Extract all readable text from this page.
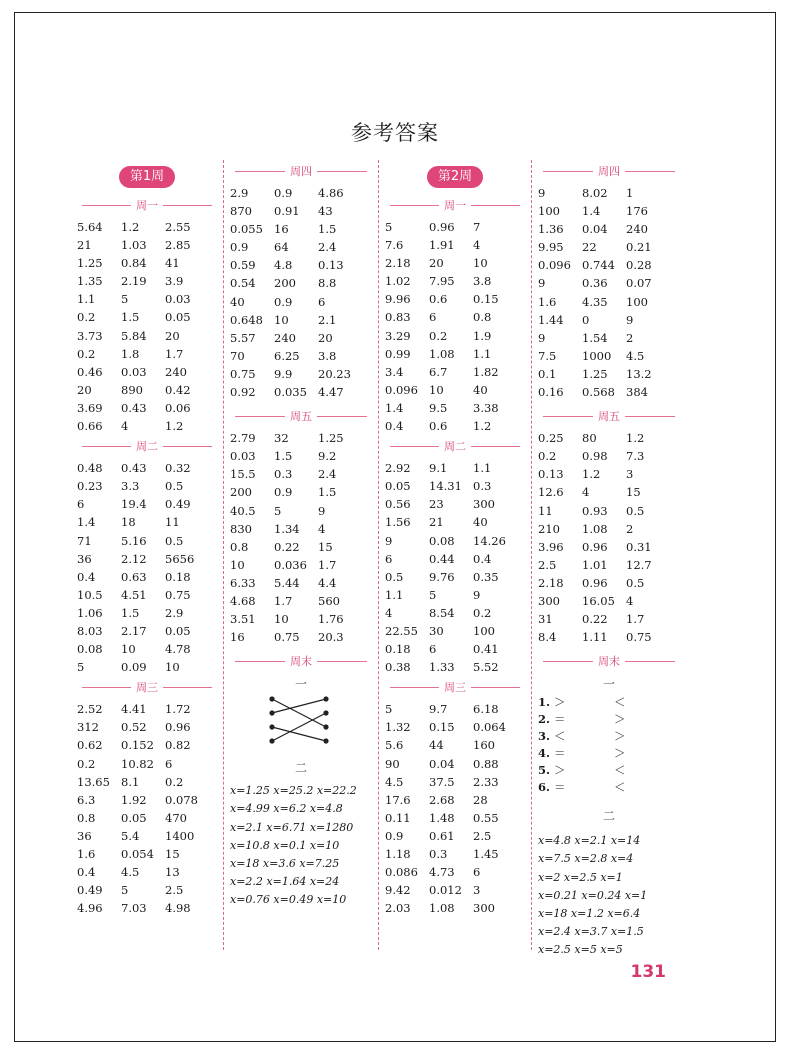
参考答案
第1周
周一
5.64	1.2	2.55
21	1.03	2.85
1.25	0.84	41
1.35	2.19	3.9
1.1	5	0.03
0.2	1.5	0.05
3.73	5.84	20
0.2	1.8	1.7
0.46	0.03	240
20	890	0.42
3.69	0.43	0.06
0.66	4	1.2
周二
0.48	0.43	0.32
0.23	3.3	0.5
6	19.4	0.49
1.4	18	11
71	5.16	0.5
36	2.12	5656
0.4	0.63	0.18
10.5	4.51	0.75
1.06	1.5	2.9
8.03	2.17	0.05
0.08	10	4.78
5	0.09	10
周三
2.52	4.41	1.72
312	0.52	0.96
0.62	0.152 0.82
0.2	10.82 6
13.65 8.1	0.2
6.3	1.92	0.078
0.8	0.05	470
36	5.4	1400
1.6	0.054 15
0.4	4.5	13
0.49	5	2.5
4.96	7.03	4.98
周四
2.9	0.9	4.86
870	0.91	43
0.055 16	1.5
0.9	64	2.4
0.59	4.8	0.13
0.54	200	8.8
40	0.9	6
0.648 10	2.1
5.57	240	20
70	6.25	3.8
0.75	9.9	20.23
0.92	0.035 4.47
周五
2.79	32	1.25
0.03	1.5	9.2
15.5	0.3	2.4
200	0.9	1.5
40.5	5	9
830	1.34	4
0.8	0.22	15
10	0.036 1.7
6.33	5.44	4.4
4.68	1.7	560
3.51	10	1.76
16	0.75	20.3
周末
一
二
x=1.25 x=25.2 x=22.2
x=4.99 x=6.2 x=4.8
x=2.1 x=6.71 x=1280
x=10.8 x=0.1 x=10
x=18 x=3.6 x=7.25
x=2.2 x=1.64 x=24
x=0.76 x=0.49 x=10
第2周
周一
5	0.96	7
7.6	1.91	4
2.18	20	10
1.02	7.95	3.8
9.96	0.6	0.15
0.83	6	0.8
3.29	0.2	1.9
0.99	1.08	1.1
3.4	6.7	1.82
0.096 10	40
1.4	9.5	3.38
0.4	0.6	1.2
周二
2.92	9.1	1.1
0.05	14.31 0.3
0.56	23	300
1.56	21	40
9	0.08	14.26
6	0.44	0.4
0.5	9.76	0.35
1.1	5	9
4	8.54	0.2
22.55 30	100
0.18	6	0.41
0.38	1.33	5.52
周三
5	9.7	6.18
1.32	0.15	0.064
5.6	44	160
90	0.04	0.88
4.5	37.5	2.33
17.6	2.68	28
0.11	1.48	0.55
0.9	0.61	2.5
1.18	0.3	1.45
0.086 4.73	6
9.42	0.012 3
2.03	1.08	300
周四
9	8.02	1
100	1.4	176
1.36	0.04	240
9.95	22	0.21
0.096 0.744 0.28
9	0.36	0.07
1.6	4.35	100
1.44	0	9
9	1.54	2
7.5	1000	4.5
0.1	1.25	13.2
0.16	0.568 384
周五
0.25	80	1.2
0.2	0.98	7.3
0.13	1.2	3
12.6	4	15
11	0.93	0.5
210	1.08	2
3.96	0.96	0.31
2.5	1.01	12.7
2.18	0.96	0.5
300	16.05 4
31	0.22	1.7
8.4	1.11	0.75
周末
一
1. ＞	＜
2. ＝	＞
3. ＜	＞
4. ＝	＞
5. ＞	＜
6. ＝	＜
二
x=4.8 x=2.1 x=14
x=7.5 x=2.8 x=4
x=2 x=2.5 x=1
x=0.21 x=0.24 x=1
x=18 x=1.2 x=6.4
x=2.4 x=3.7 x=1.5
x=2.5 x=5 x=5
131
